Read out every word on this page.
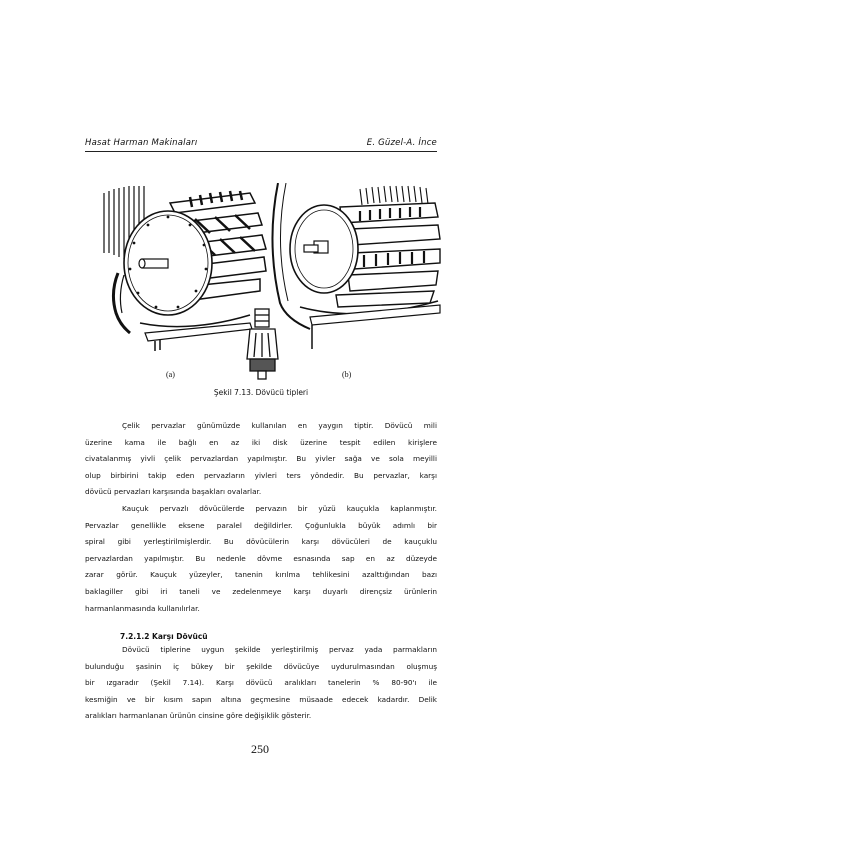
Hasat Harman Makinaları	E. Güzel-A. İnce
(a)	(b)
Şekil 7.13. Dövücü tipleri
Çelik pervazlar günümüzde kullanılan en yaygın tiptir. Dövücü mili
üzerine kama ile bağlı en az iki disk üzerine tespit edilen kirişlere
civatalanmış yivli çelik pervazlardan yapılmıştır. Bu yivler sağa ve sola meyilli
olup birbirini takip eden pervazların yivleri ters yöndedir. Bu pervazlar, karşı
dövücü pervazları karşısında başakları ovalarlar.
Kauçuk pervazlı dövücülerde pervazın bir yüzü kauçukla kaplanmıştır.
Pervazlar genellikle eksene paralel değildirler. Çoğunlukla büyük adımlı bir
spiral gibi yerleştirilmişlerdir. Bu dövücülerin karşı dövücüleri de kauçuklu
pervazlardan yapılmıştır. Bu nedenle dövme esnasında sap en az düzeyde
zarar görür. Kauçuk yüzeyler, tanenin kırılma tehlikesini azalttığından bazı
baklagiller gibi iri taneli ve zedelenmeye karşı duyarlı dirençsiz ürünlerin
harmanlanmasında kullanılırlar.
7.2.1.2 Karşı Dövücü
Dövücü tiplerine uygun şekilde yerleştirilmiş pervaz yada parmakların
bulunduğu şasinin iç bükey bir şekilde dövücüye uydurulmasından oluşmuş
bir ızgaradır (Şekil 7.14). Karşı dövücü aralıkları tanelerin % 80-90'ı ile
kesmiğin ve bir kısım sapın altına geçmesine müsaade edecek kadardır. Delik
aralıkları harmanlanan ürünün cinsine göre değişiklik gösterir.
250
